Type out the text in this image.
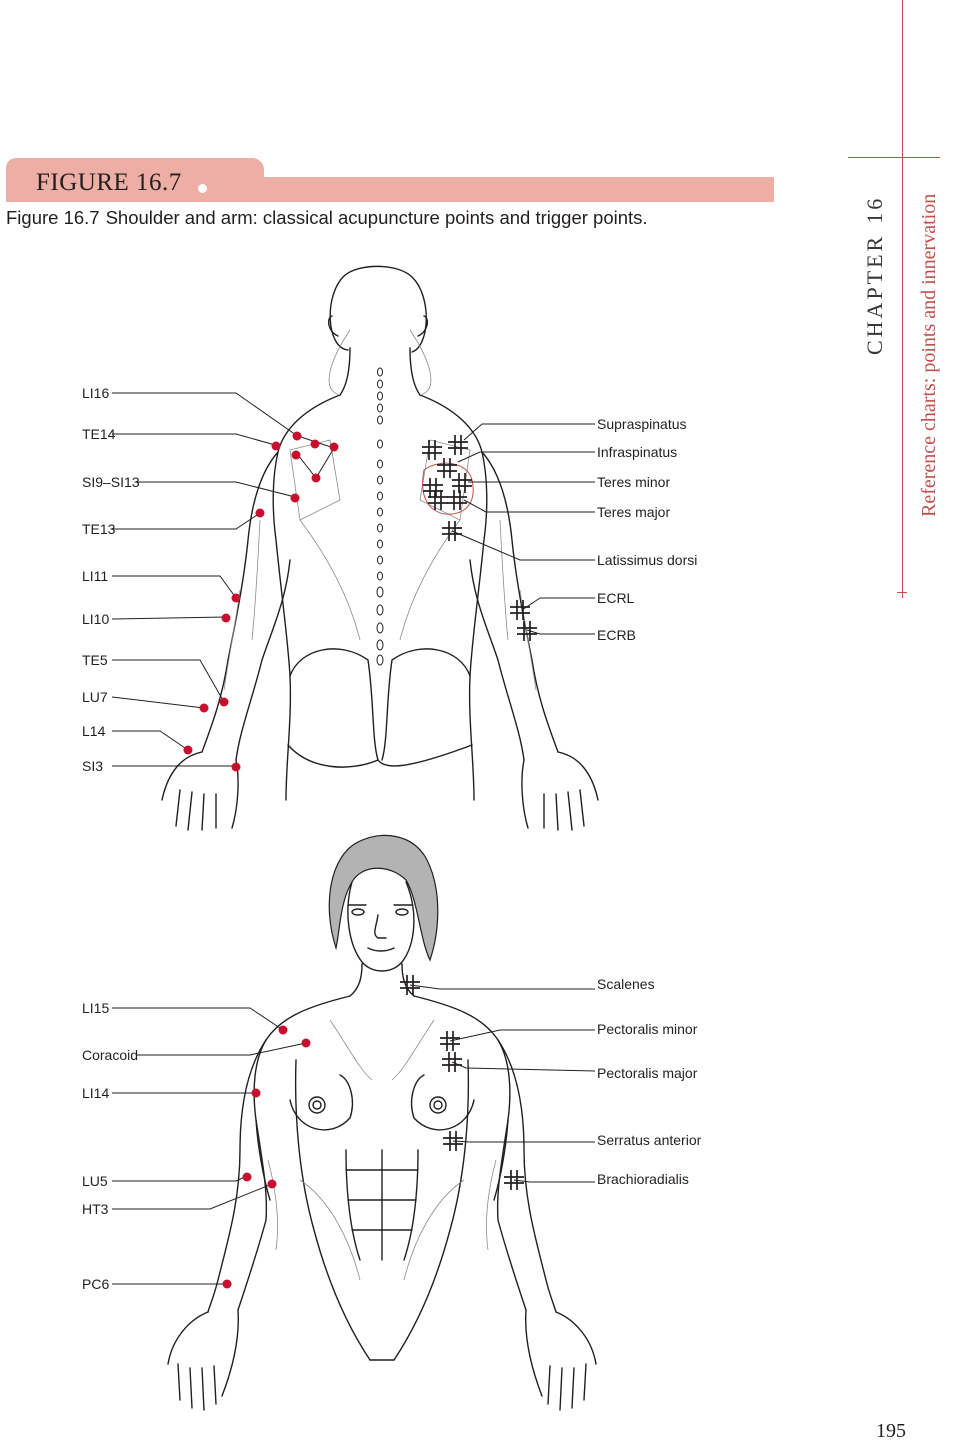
FIGURE 16.7

Figure 16.7 Shoulder and arm: classical acupuncture points and trigger points.

CHAPTER16 Reference charts: points and innervation
LI16
TE14
SI9–SI13
TE13
LI11
LI10
TE5
LU7
L14
SI3
Supraspinatus
Infraspinatus
Teres minor
Teres major
Latissimus dorsi
ECRL
ECRB
LI15
Coracoid
LI14
LU5
HT3
PC6
Scalenes
Pectoralis minor
Pectoralis major
Serratus anterior
Brachioradialis
195
